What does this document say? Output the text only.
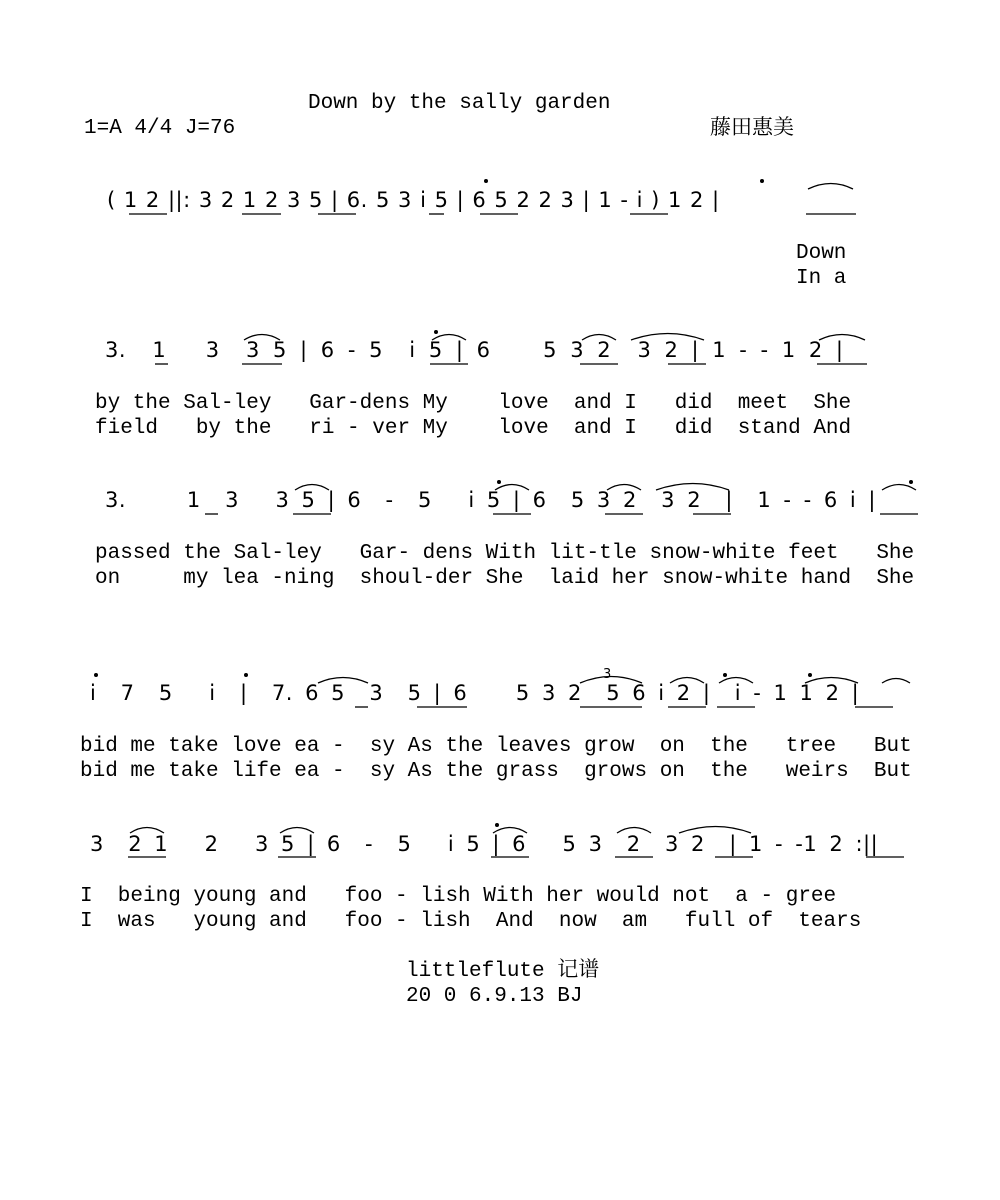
Down by the sally garden
1=A 4/4 J=76	藤田惠美
( 1 2 ||: 3 2 1 2 3 5 | 6. 5 3 i 5 | 6 5 2 2 3 | 1 - i ) 1 2 |
Down
In a
3.  1   3  3 5 | 6 - 5  i 5 | 6    5 3 2  3 2 | 1 - - 1 2 |
by the Sal-ley   Gar-dens My    love  and I   did  meet  She
field   by the   ri - ver My    love  and I   did  stand And
3.     1  3   3 5 | 6  -  5   i 5 | 6  5 3 2  3 2  |  1 - - 6 i |
passed the Sal-ley   Gar- dens With lit-tle snow-white feet   She
on     my lea -ning  shoul-der She  laid her snow-white hand  She
i  7  5   i  |  7. 6 5  3  5 | 6    5 3 2  5 6 i 2 |  i - 1 1 2 |
bid me take love ea -  sy As the leaves grow  on  the   tree   But
bid me take life ea -  sy As the grass  grows on  the   weirs  But
3  2 1   2   3 5 | 6  -  5   i 5 | 6   5 3  2  3 2  | 1 - -1 2 :||
I  being young and   foo - lish With her would not  a - gree
I  was   young and   foo - lish  And  now  am   full of  tears
littleflute 记谱
20 0 6.9.13 BJ
3
